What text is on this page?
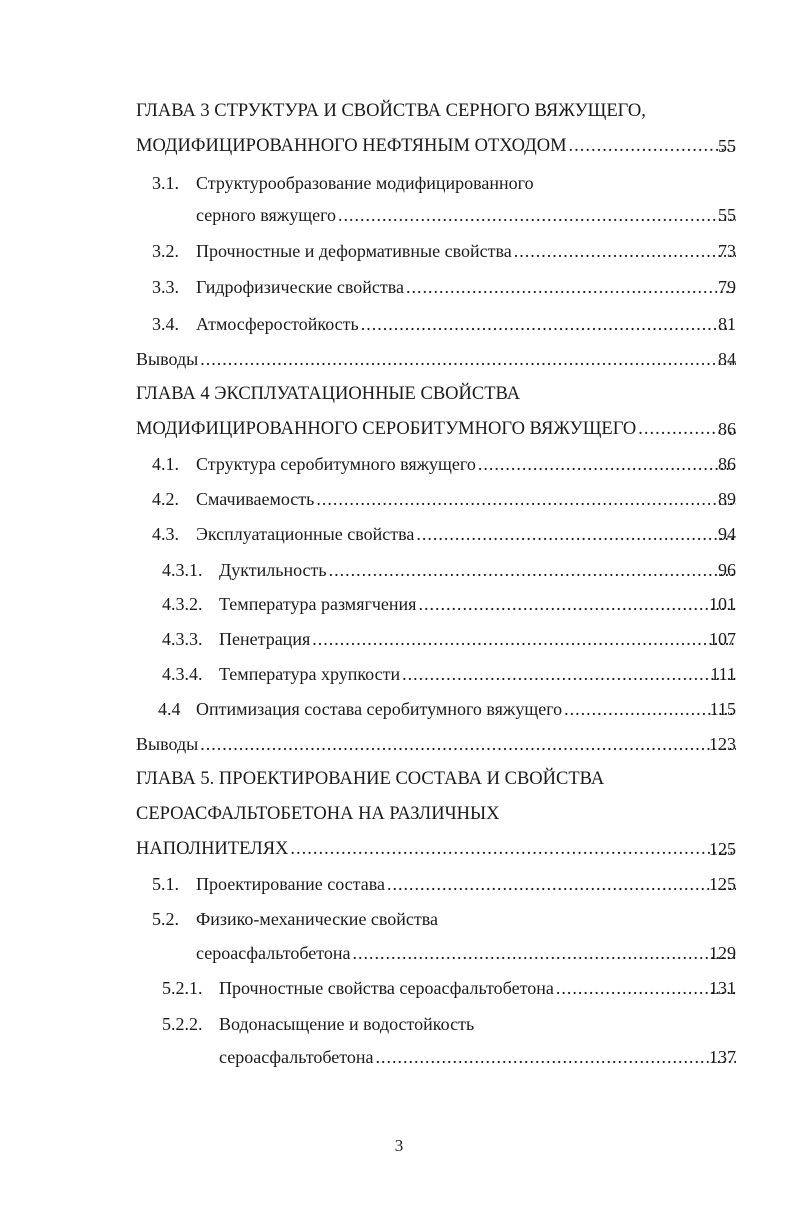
ГЛАВА 3 СТРУКТУРА И СВОЙСТВА СЕРНОГО ВЯЖУЩЕГО,
МОДИФИЦИРОВАННОГО НЕФТЯНЫМ ОТХОДОМ .....	55
3.1. Структурообразование модифицированного
серного вяжущего .....	55
3.2. Прочностные и деформативные свойства .....	73
3.3. Гидрофизические свойства .....	79
3.4. Атмосферостойкость .....	81
Выводы .....	84
ГЛАВА 4 ЭКСПЛУАТАЦИОННЫЕ СВОЙСТВА
МОДИФИЦИРОВАННОГО СЕРОБИТУМНОГО ВЯЖУЩЕГО .....	86
4.1. Структура серобитумного вяжущего .....	86
4.2. Смачиваемость .....	89
4.3. Эксплуатационные свойства .....	94
4.3.1. Дуктильность .....	96
4.3.2. Температура размягчения .....	101
4.3.3. Пенетрация .....	107
4.3.4. Температура хрупкости .....	111
4.4 Оптимизация состава серобитумного вяжущего .....	115
Выводы .....	123
ГЛАВА 5. ПРОЕКТИРОВАНИЕ СОСТАВА И СВОЙСТВА
СЕРОАСФАЛЬТОБЕТОНА НА РАЗЛИЧНЫХ
НАПОЛНИТЕЛЯХ .....	125
5.1. Проектирование состава .....	125
5.2. Физико-механические свойства
сероасфальтобетона .....	129
5.2.1. Прочностные свойства сероасфальтобетона .....	131
5.2.2. Водонасыщение и водостойкость
сероасфальтобетона .....	137
3
